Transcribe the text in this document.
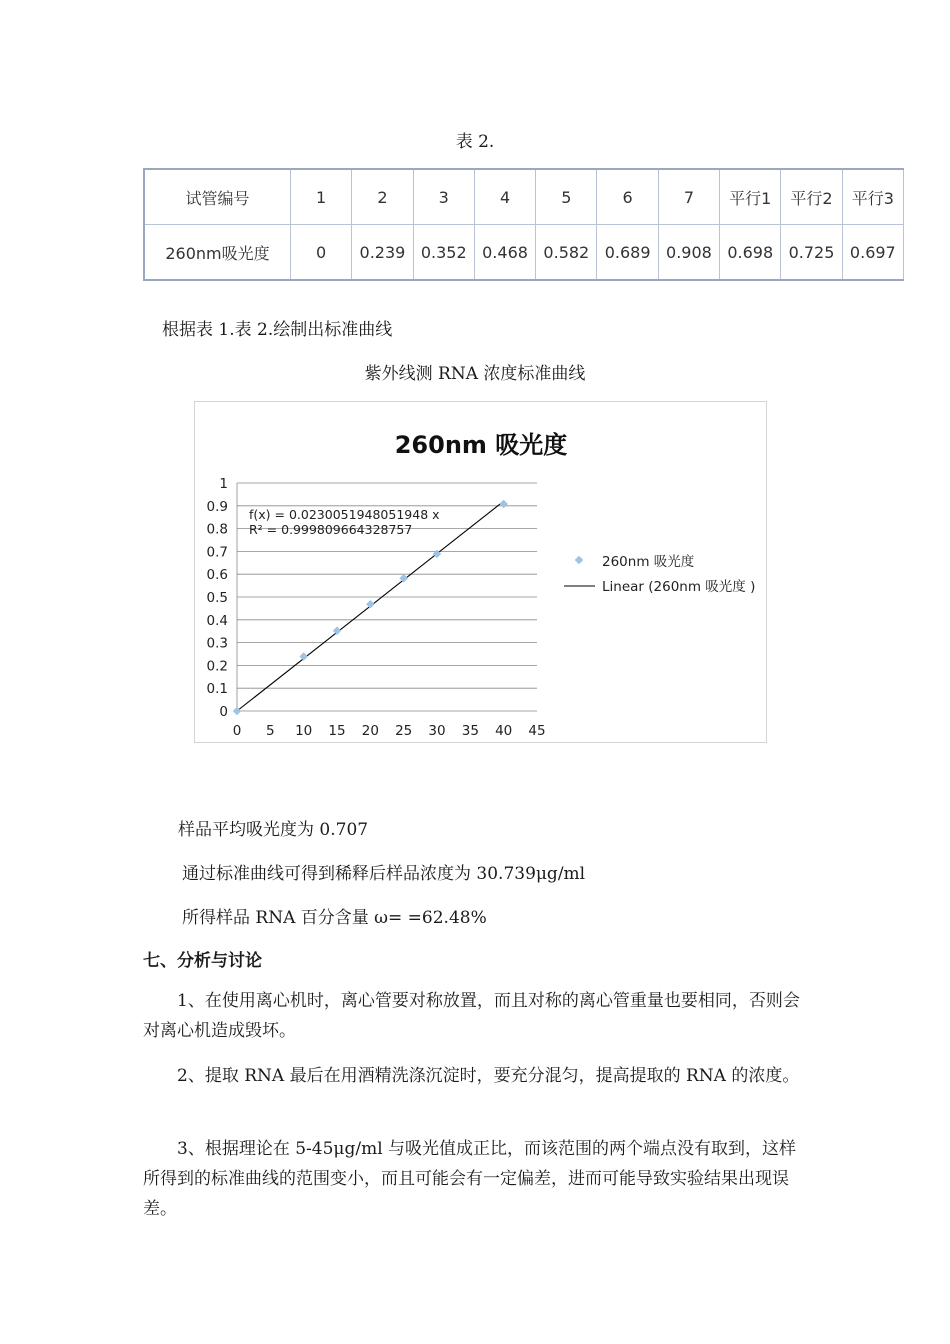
表 2.
试管编号	1	2	3	4	5	6	7	平行1	平行2	平行3
260nm吸光度	0	0.239	0.352	0.468	0.582	0.689	0.908	0.698	0.725	0.697
根据表 1.表 2.绘制出标准曲线
紫外线测 RNA 浓度标准曲线
260nm 吸光度
0
0.1
0.2
0.3
0.4
0.5
0.6
0.7
0.8
0.9
1
0 5 10 15 20 25 30 35 40 45
f(x) = 0.0230051948051948 x
R² = 0.999809664328757
260nm 吸光度
Linear (260nm 吸光度 )
样品平均吸光度为 0.707
通过标准曲线可得到稀释后样品浓度为 30.739μg/ml
所得样品 RNA 百分含量 ω= =62.48%
七、分析与讨论
1、在使用离心机时，离心管要对称放置，而且对称的离心管重量也要相同，否则会对离心机造成毁坏。
2、提取 RNA 最后在用酒精洗涤沉淀时，要充分混匀，提高提取的 RNA 的浓度。
3、根据理论在 5-45μg/ml 与吸光值成正比，而该范围的两个端点没有取到，这样所得到的标准曲线的范围变小，而且可能会有一定偏差，进而可能导致实验结果出现误差。
